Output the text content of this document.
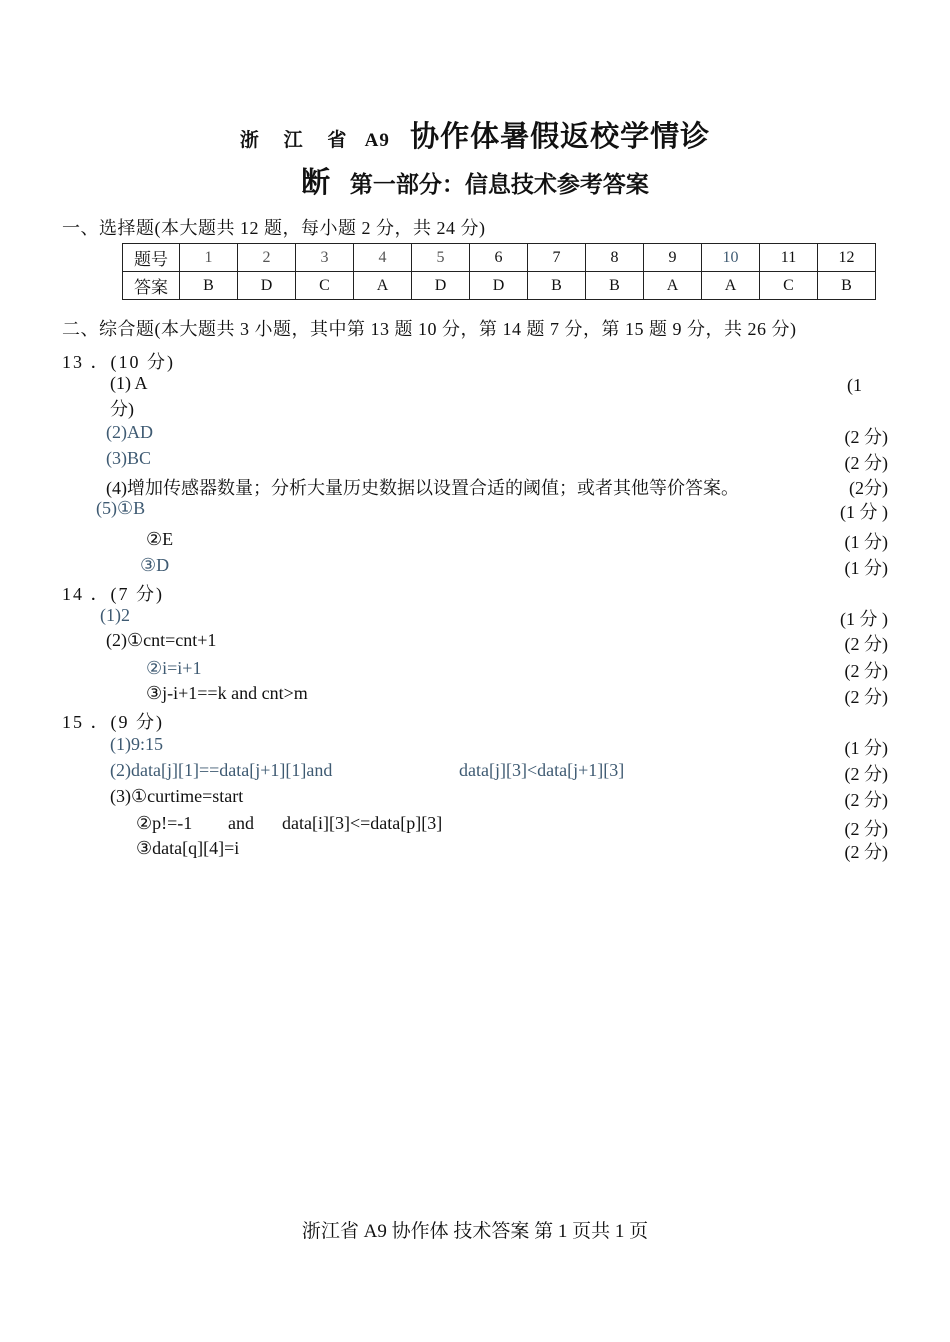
浙 江 省 A9 协作体暑假返校学情诊
断 第一部分：信息技术参考答案
一、选择题(本大题共 12 题，每小题 2 分，共 24 分)
题号	1	2	3	4	5	6	7	8	9	10	11	12
答案	B	D	C	A	D	D	B	B	A	A	C	B
二、综合题(本大题共 3 小题，其中第 13 题 10 分，第 14 题 7 分，第 15 题 9 分，共 26 分)
13 ．(10 分)
(1) A	(1
分)
(2)AD	(2 分)
(3)BC	(2 分)
(4)增加传感器数量；分析大量历史数据以设置合适的阈值；或者其他等价答案。	(2分)
(5)①B	(1 分 )
②E	(1 分)
③D	(1 分)
14 ．(7 分)
(1)2	(1 分 )
(2)①cnt=cnt+1	(2 分)
②i=i+1	(2 分)
③j-i+1==k and cnt>m	(2 分)
15 ．(9 分)
(1)9:15	(1 分)
(2)data[j][1]==data[j+1][1]and	data[j][3]<data[j+1][3]	(2 分)
(3)①curtime=start	(2 分)
②p!=-1 and data[i][3]<=data[p][3]	(2 分)
③data[q][4]=i	(2 分)
浙江省 A9 协作体 技术答案 第 1 页共 1 页
